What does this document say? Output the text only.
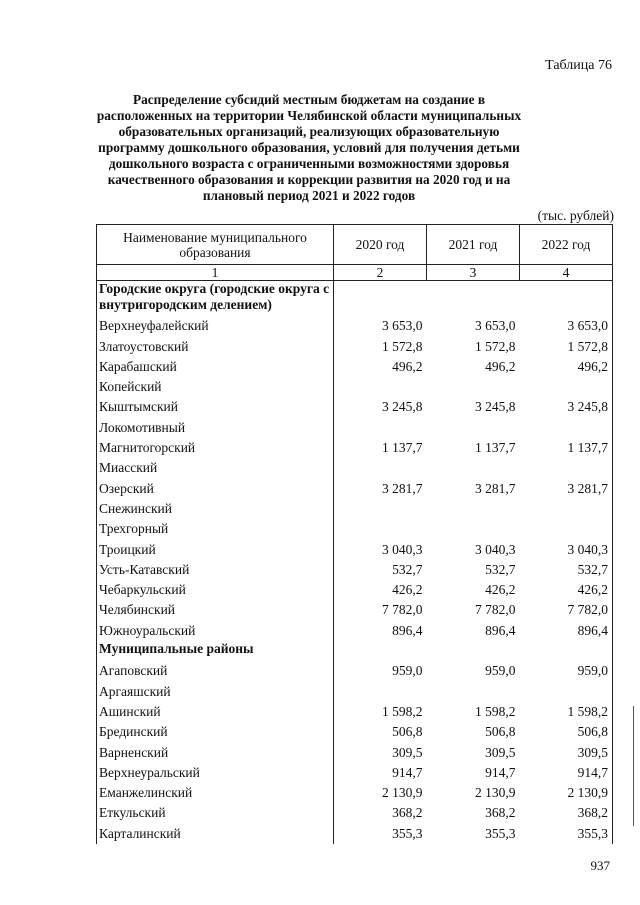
Таблица 76
Распределение субсидий местным бюджетам на создание в расположенных на территории Челябинской области муниципальных образовательных организаций, реализующих образовательную программу дошкольного образования, условий для получения детьми дошкольного возраста с ограниченными возможностями здоровья качественного образования и коррекции развития на 2020 год и на плановый период 2021 и 2022 годов
(тыс. рублей)
Наименование муниципального образования	2020 год	2021 год	2022 год
1	2	3	4
Городские округа (городские округа с внутригородским делением)			
Верхнеуфалейский	3 653,0	3 653,0	3 653,0
Златоустовский	1 572,8	1 572,8	1 572,8
Карабашский	496,2	496,2	496,2
Копейский			
Кыштымский	3 245,8	3 245,8	3 245,8
Локомотивный			
Магнитогорский	1 137,7	1 137,7	1 137,7
Миасский			
Озерский	3 281,7	3 281,7	3 281,7
Снежинский			
Трехгорный			
Троицкий	3 040,3	3 040,3	3 040,3
Усть-Катавский	532,7	532,7	532,7
Чебаркульский	426,2	426,2	426,2
Челябинский	7 782,0	7 782,0	7 782,0
Южноуральский	896,4	896,4	896,4
Муниципальные районы			
Агаповский	959,0	959,0	959,0
Аргаяшский			
Ашинский	1 598,2	1 598,2	1 598,2
Брединский	506,8	506,8	506,8
Варненский	309,5	309,5	309,5
Верхнеуральский	914,7	914,7	914,7
Еманжелинский	2 130,9	2 130,9	2 130,9
Еткульский	368,2	368,2	368,2
Карталинский	355,3	355,3	355,3
937
